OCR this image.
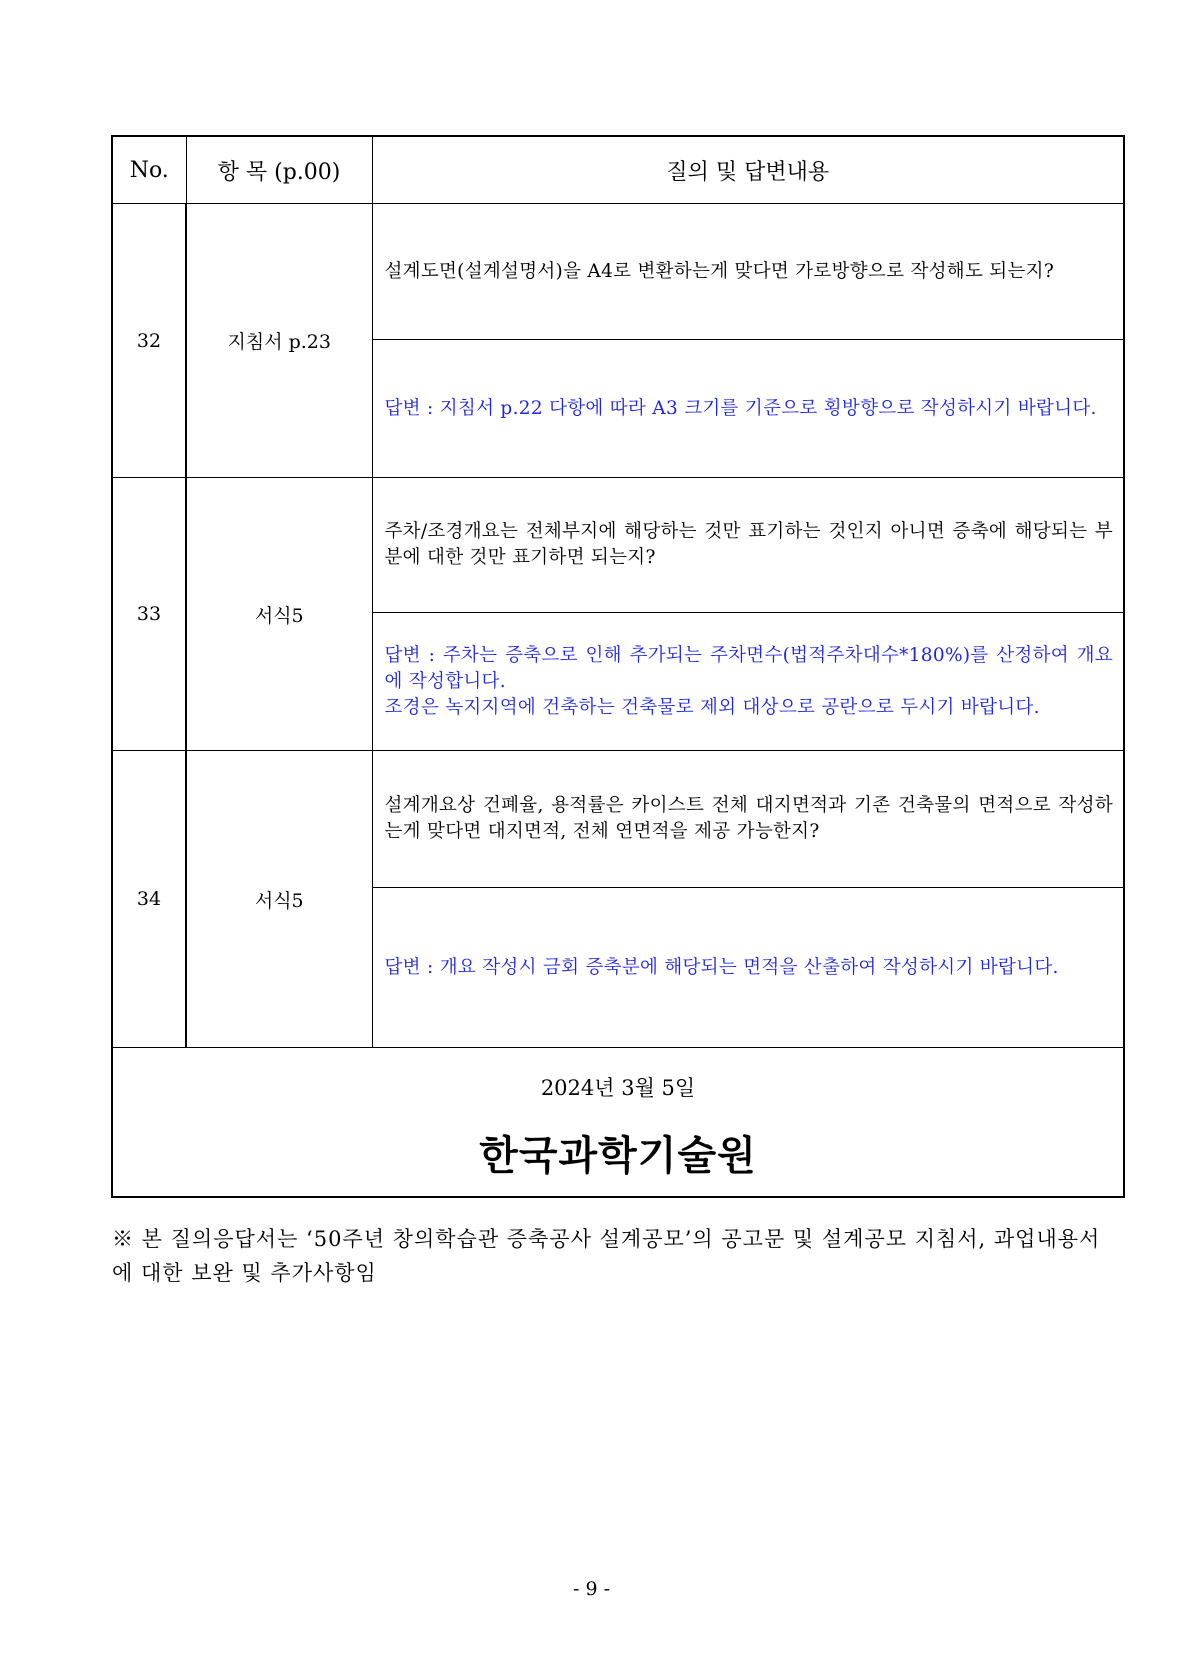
No.	항 목 (p.00)	질의 및 답변내용
32	지침서 p.23	설계도면(설계설명서)을 A4로 변환하는게 맞다면 가로방향으로 작성해도 되는지?

		답변 : 지침서 p.22 다항에 따라 A3 크기를 기준으로 횡방향으로 작성하시기 바랍니다.

33	서식5	주차/조경개요는 전체부지에 해당하는 것만 표기하는 것인지 아니면 증축에 해당되는 부분에 대한 것만 표기하면 되는지?

		답변 : 주차는 증축으로 인해 추가되는 주차면수(법적주차대수*180%)를 산정하여 개요에 작성합니다.
조경은 녹지지역에 건축하는 건축물로 제외 대상으로 공란으로 두시기 바랍니다.

34	서식5	설계개요상 건폐율, 용적률은 카이스트 전체 대지면적과 기존 건축물의 면적으로 작성하는게 맞다면 대지면적, 전체 연면적을 제공 가능한지?

		답변 : 개요 작성시 금회 증축분에 해당되는 면적을 산출하여 작성하시기 바랍니다.

2024년 3월 5일
한국과학기술원		
※ 본 질의응답서는 ‘50주년 창의학습관 증축공사 설계공모’의 공고문 및 설계공모 지침서, 과업내용서에 대한 보완 및 추가사항임
- 9 -
